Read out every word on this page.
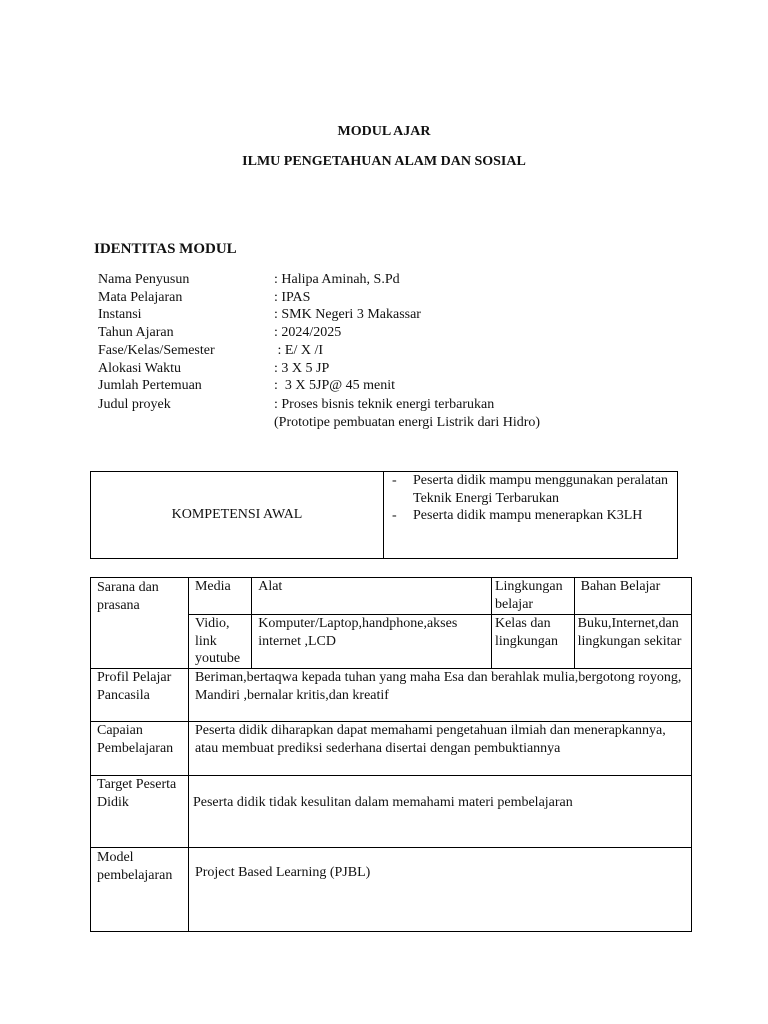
MODUL AJAR
ILMU PENGETAHUAN ALAM DAN SOSIAL
IDENTITAS MODUL
Nama Penyusun	: Halipa Aminah, S.Pd
Mata Pelajaran	: IPAS
Instansi	: SMK Negeri 3 Makassar
Tahun Ajaran	: 2024/2025
Fase/Kelas/Semester	: E/ X /I
Alokasi Waktu	: 3 X 5 JP
Jumlah Pertemuan	:  3 X 5JP@ 45 menit
Judul proyek	: Proses bisnis teknik energi terbarukan
(Prototipe pembuatan energi Listrik dari Hidro)
KOMPETENSI AWAL	
- Peserta didik mampu menggunakan peralatan Teknik Energi Terbarukan
- Peserta didik mampu menerapkan K3LH
Sarana dan prasana	Media	Alat	Lingkungan belajar	Bahan Belajar
	Vidio, link youtube	Komputer/Laptop,handphone,akses internet ,LCD	Kelas dan lingkungan	Buku,Internet,dan lingkungan sekitar
Profil Pelajar Pancasila	Beriman,bertaqwa kepada tuhan yang maha Esa dan berahlak mulia,bergotong royong, Mandiri ,bernalar kritis,dan kreatif			
Capaian Pembelajaran	Peserta didik diharapkan dapat memahami pengetahuan ilmiah dan menerapkannya, atau membuat prediksi sederhana disertai dengan pembuktiannya			
Target Peserta Didik	Peserta didik tidak kesulitan dalam memahami materi pembelajaran			
Model pembelajaran	Project Based Learning (PJBL)			
